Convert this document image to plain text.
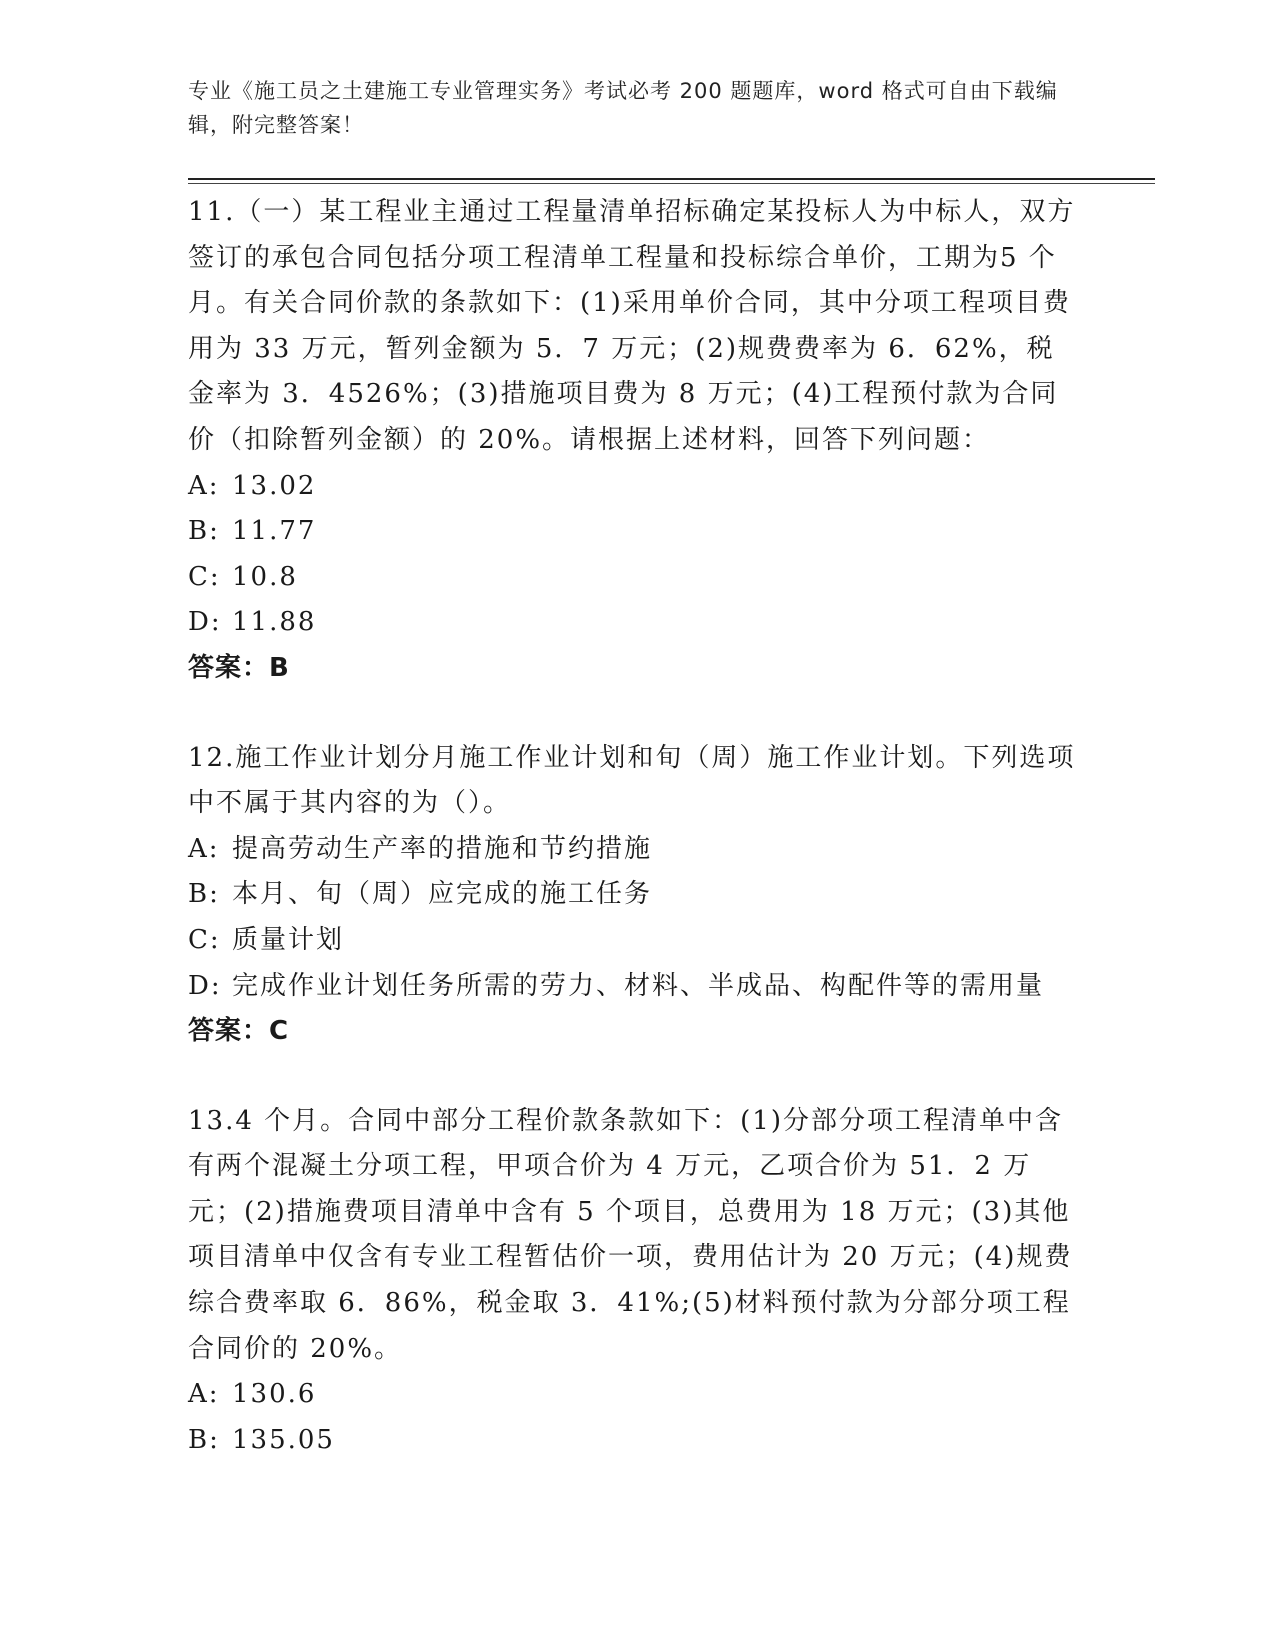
专业《施工员之土建施工专业管理实务》考试必考 200 题题库，word 格式可自由下载编辑，附完整答案！

11.（一）某工程业主通过工程量清单招标确定某投标人为中标人，双方签订的承包合同包括分项工程清单工程量和投标综合单价，工期为5 个月。有关合同价款的条款如下：(1)采用单价合同，其中分项工程项目费用为 33 万元，暂列金额为 5．7 万元；(2)规费费率为 6．62%，税金率为 3．4526%；(3)措施项目费为 8 万元；(4)工程预付款为合同价（扣除暂列金额）的 20%。请根据上述材料，回答下列问题：

A: 13.02

B: 11.77

C: 10.8

D: 11.88

答案：B

12.施工作业计划分月施工作业计划和旬（周）施工作业计划。下列选项中不属于其内容的为（）。

A: 提高劳动生产率的措施和节约措施

B: 本月、旬（周）应完成的施工任务

C: 质量计划

D: 完成作业计划任务所需的劳力、材料、半成品、构配件等的需用量

答案：C

13.4 个月。合同中部分工程价款条款如下：(1)分部分项工程清单中含有两个混凝土分项工程，甲项合价为 4 万元，乙项合价为 51．2 万元；(2)措施费项目清单中含有 5 个项目，总费用为 18 万元；(3)其他项目清单中仅含有专业工程暂估价一项，费用估计为 20 万元；(4)规费综合费率取 6．86%，税金取 3．41%;(5)材料预付款为分部分项工程合同价的 20%。

A: 130.6

B: 135.05
